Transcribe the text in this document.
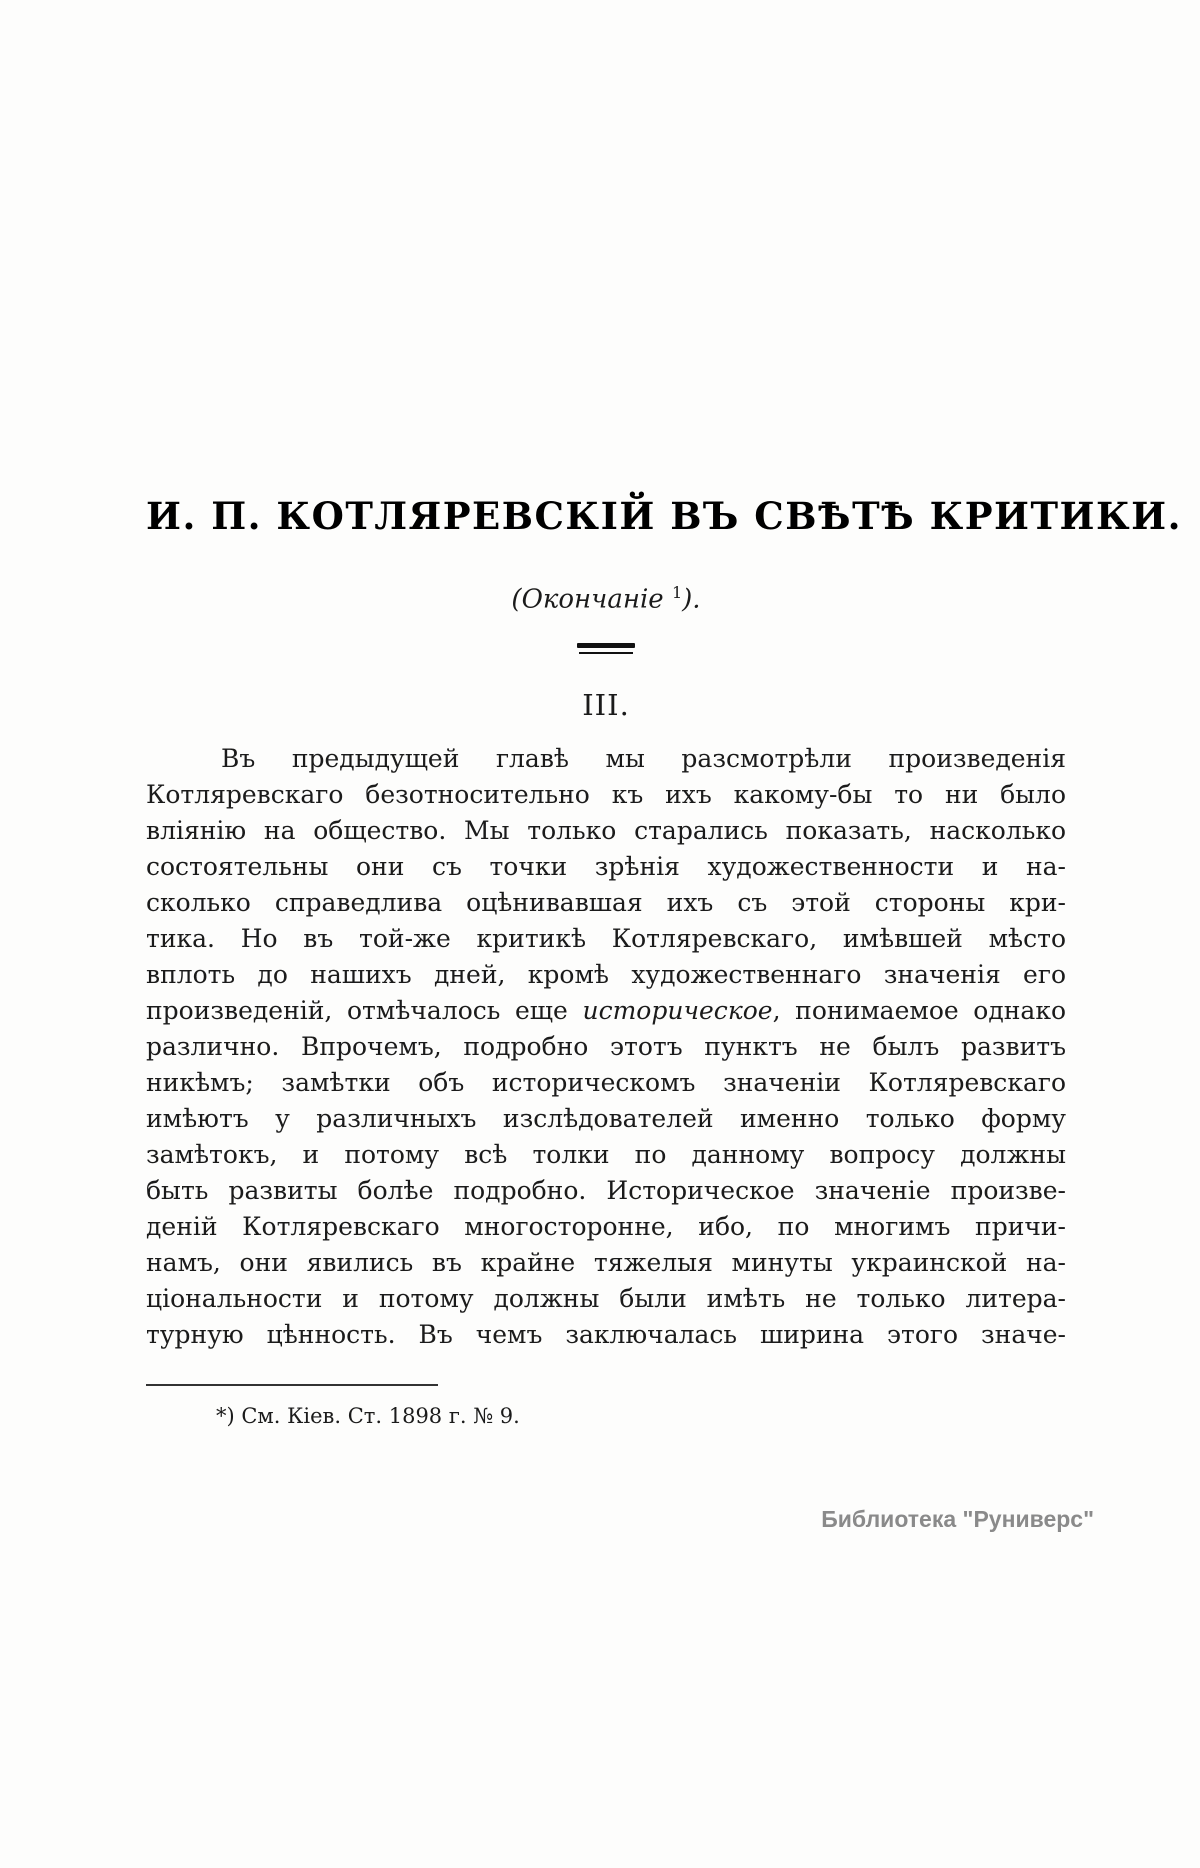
И. П. КОТЛЯРЕВСКІЙ ВЪ СВѢТѢ КРИТИКИ.
(Окончаніе $^1$).
III.
Въ предыдущей главѣ мы разсмотрѣли произведенія
Котляревскаго безотносительно къ ихъ какому-бы то ни было
вліянію на общество. Мы только старались показать, насколько
состоятельны они съ точки зрѣнія художественности и на-
сколько справедлива оцѣнивавшая ихъ съ этой стороны кри-
тика. Но въ той-же критикѣ Котляревскаго, имѣвшей мѣсто
вплоть до нашихъ дней, кромѣ художественнаго значенія его
произведеній, отмѣчалось еще историческое, понимаемое однако
различно. Впрочемъ, подробно этотъ пунктъ не былъ развитъ
никѣмъ; замѣтки объ историческомъ значеніи Котляревскаго
имѣютъ у различныхъ изслѣдователей именно только форму
замѣтокъ, и потому всѣ толки по данному вопросу должны
быть развиты болѣе подробно. Историческое значеніе произве-
деній Котляревскаго многосторонне, ибо, по многимъ причи-
намъ, они явились въ крайне тяжелыя минуты украинской на-
ціональности и потому должны были имѣть не только литера-
турную цѣнность. Въ чемъ заключалась ширина этого значе-
*) См. Кіев. Ст. 1898 г. № 9.
Библиотека "Руниверс"
